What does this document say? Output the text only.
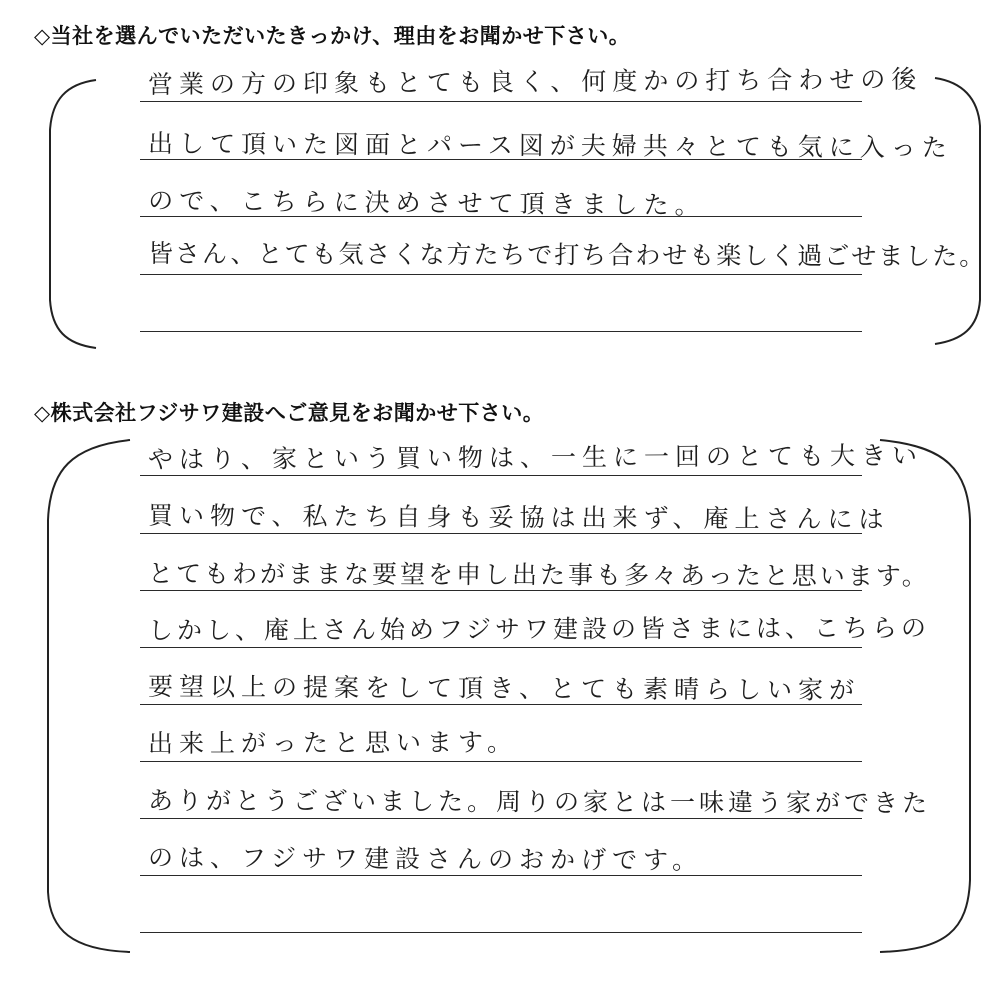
◇当社を選んでいただいたきっかけ、理由をお聞かせ下さい。
営業の方の印象もとても良く、何度かの打ち合わせの後
出して頂いた図面とパース図が夫婦共々とても気に入った
ので、こちらに決めさせて頂きました。
皆さん、とても気さくな方たちで打ち合わせも楽しく過ごせました。
◇株式会社フジサワ建設へご意見をお聞かせ下さい。
やはり、家という買い物は、一生に一回のとても大きい
買い物で、私たち自身も妥協は出来ず、庵上さんには
とてもわがままな要望を申し出た事も多々あったと思います。
しかし、庵上さん始めフジサワ建設の皆さまには、こちらの
要望以上の提案をして頂き、とても素晴らしい家が
出来上がったと思います。
ありがとうございました。周りの家とは一味違う家ができた
のは、フジサワ建設さんのおかげです。
